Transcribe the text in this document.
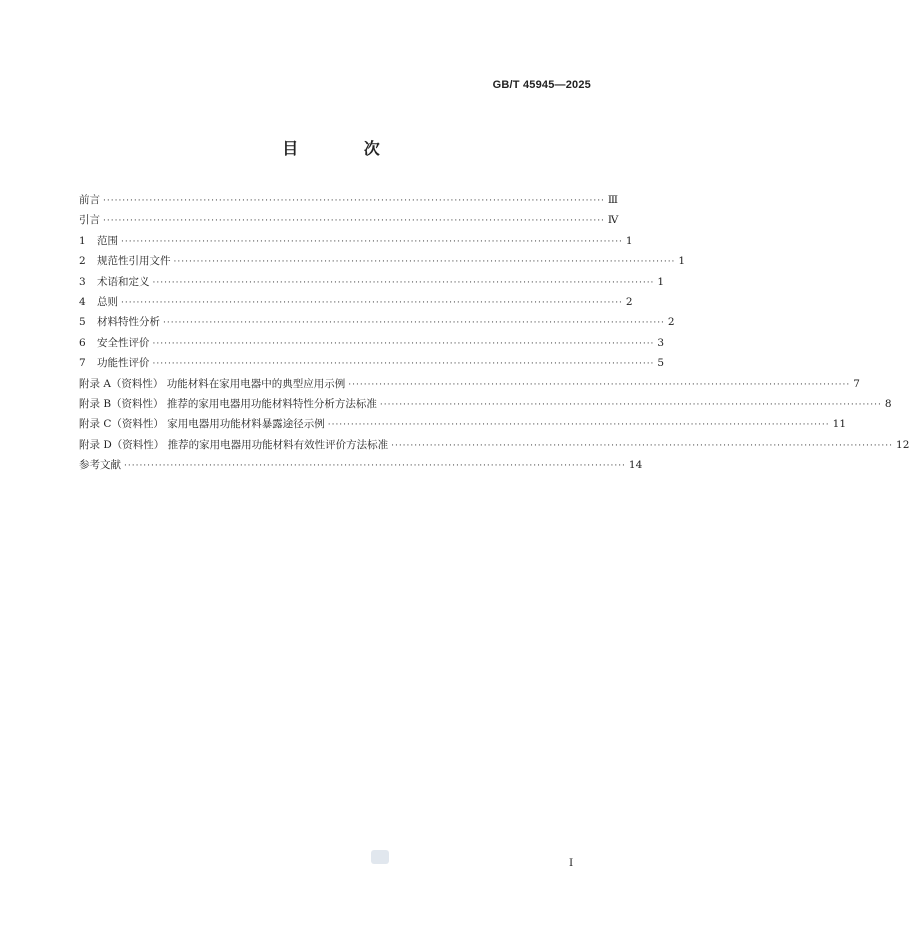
GB/T 45945—2025
目 次
前言 ·································································································································· Ⅲ
引言 ·································································································································· Ⅳ
1 范围 ·································································································································· 1
2 规范性引用文件 ·································································································································· 1
3 术语和定义 ·································································································································· 1
4 总则 ·································································································································· 2
5 材料特性分析 ·································································································································· 2
6 安全性评价 ·································································································································· 3
7 功能性评价 ·································································································································· 5
附录 A（资料性） 功能材料在家用电器中的典型应用示例 ·································································································································· 7
附录 B（资料性） 推荐的家用电器用功能材料特性分析方法标准 ·································································································································· 8
附录 C（资料性） 家用电器用功能材料暴露途径示例 ·································································································································· 11
附录 D（资料性） 推荐的家用电器用功能材料有效性评价方法标准 ·································································································································· 12
参考文献 ·································································································································· 14
I
